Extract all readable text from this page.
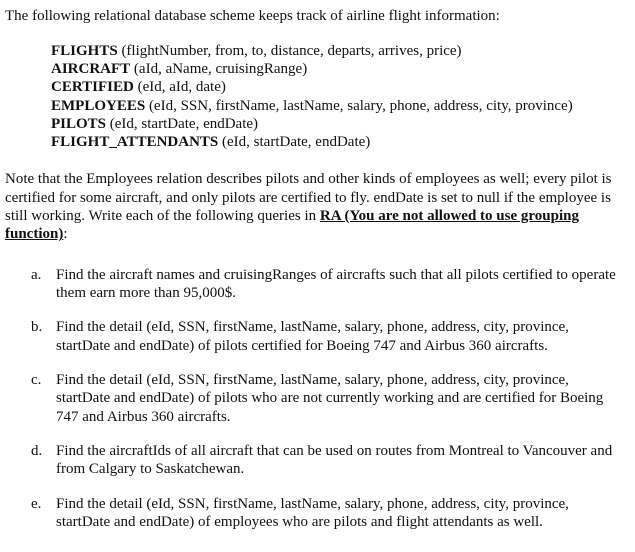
The following relational database scheme keeps track of airline flight information:

FLIGHTS (flightNumber, from, to, distance, departs, arrives, price)
AIRCRAFT (aId, aName, cruisingRange)
CERTIFIED (eId, aId, date)
EMPLOYEES (eId, SSN, firstName, lastName, salary, phone, address, city, province)
PILOTS (eId, startDate, endDate)
FLIGHT_ATTENDANTS (eId, startDate, endDate)

Note that the Employees relation describes pilots and other kinds of employees as well; every pilot is certified for some aircraft, and only pilots are certified to fly. endDate is set to null if the employee is still working. Write each of the following queries in RA (You are not allowed to use grouping function):

a. Find the aircraft names and cruisingRanges of aircrafts such that all pilots certified to operate them earn more than 95,000$.
b. Find the detail (eId, SSN, firstName, lastName, salary, phone, address, city, province, startDate and endDate) of pilots certified for Boeing 747 and Airbus 360 aircrafts.
c. Find the detail (eId, SSN, firstName, lastName, salary, phone, address, city, province, startDate and endDate) of pilots who are not currently working and are certified for Boeing 747 and Airbus 360 aircrafts.
d. Find the aircraftIds of all aircraft that can be used on routes from Montreal to Vancouver and from Calgary to Saskatchewan.
e. Find the detail (eId, SSN, firstName, lastName, salary, phone, address, city, province, startDate and endDate) of employees who are pilots and flight attendants as well.
